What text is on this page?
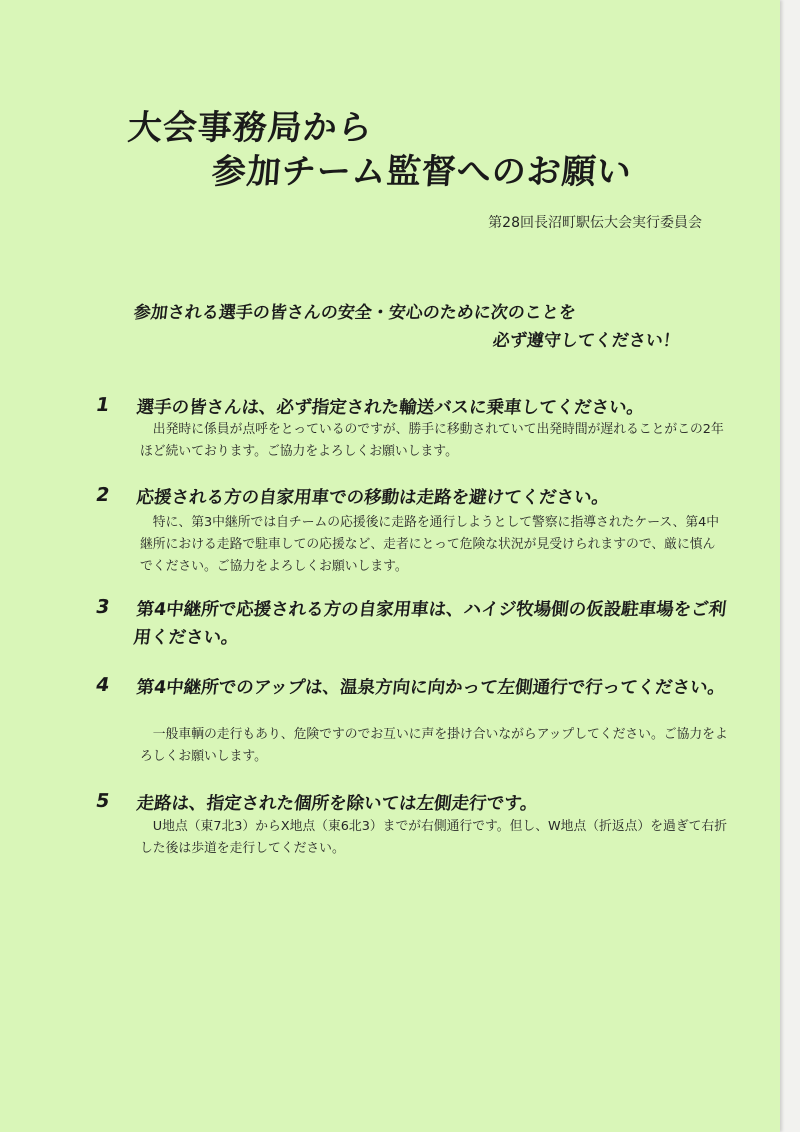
大会事務局から
参加チーム監督へのお願い
第28回長沼町駅伝大会実行委員会
参加される選手の皆さんの安全・安心のために次のことを
必ず遵守してください！
1 選手の皆さんは、必ず指定された輸送バスに乗車してください。
出発時に係員が点呼をとっているのですが、勝手に移動されていて出発時間が遅れることがこの2年ほど続いております。ご協力をよろしくお願いします。
2 応援される方の自家用車での移動は走路を避けてください。
特に、第3中継所では自チームの応援後に走路を通行しようとして警察に指導されたケース、第4中継所における走路で駐車しての応援など、走者にとって危険な状況が見受けられますので、厳に慎んでください。ご協力をよろしくお願いします。
3 第4中継所で応援される方の自家用車は、ハイジ牧場側の仮設駐車場をご利用ください。
4 第4中継所でのアップは、温泉方向に向かって左側通行で行ってください。
一般車輌の走行もあり、危険ですのでお互いに声を掛け合いながらアップしてください。ご協力をよろしくお願いします。
5 走路は、指定された個所を除いては左側走行です。
U地点（東7北3）からX地点（東6北3）までが右側通行です。但し、W地点（折返点）を過ぎて右折した後は歩道を走行してください。
